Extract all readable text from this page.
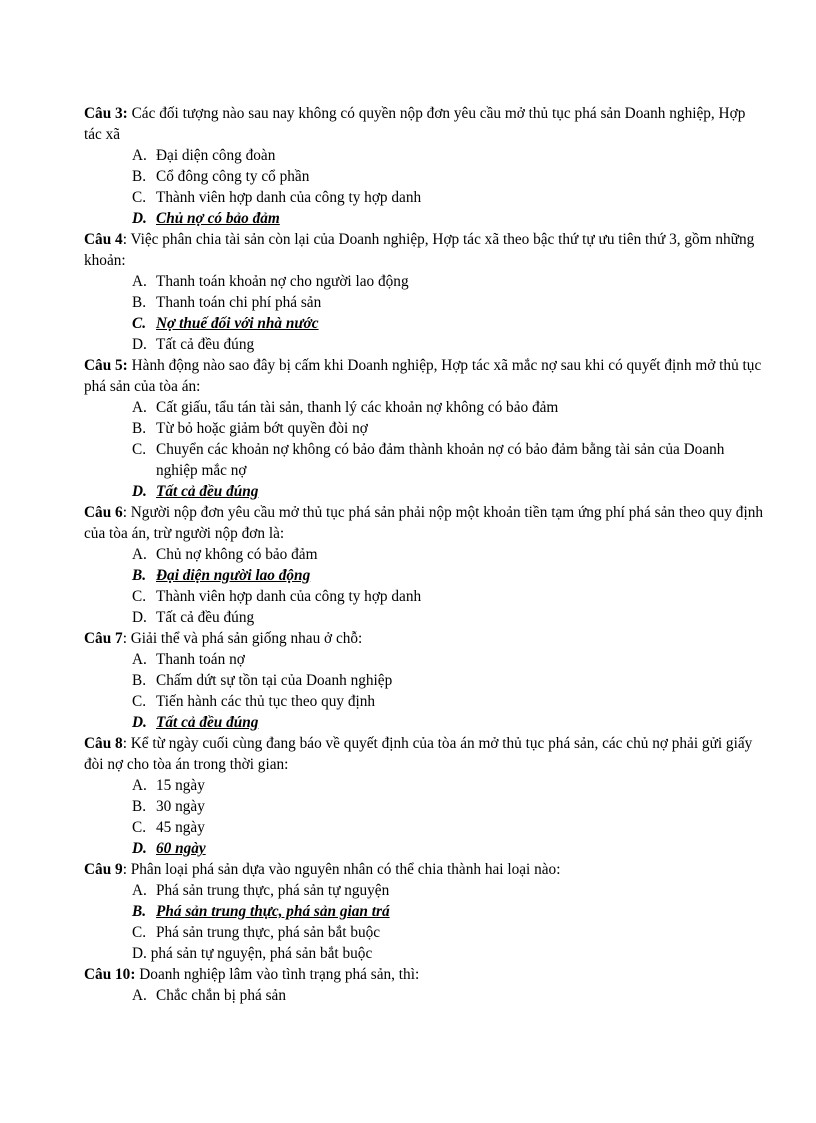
Câu 3: Các đối tượng nào sau nay không có quyền nộp đơn yêu cầu mở thủ tục phá sản Doanh nghiệp, Hợp tác xã
A. Đại diện công đoàn
B. Cổ đông công ty cổ phần
C. Thành viên hợp danh của công ty hợp danh
D. Chủ nợ có bảo đảm
Câu 4: Việc phân chia tài sản còn lại của Doanh nghiệp, Hợp tác xã theo bậc thứ tự ưu tiên thứ 3, gồm những khoản:
A. Thanh toán khoản nợ cho người lao động
B. Thanh toán chi phí phá sản
C. Nợ thuế đối với nhà nước
D. Tất cả đều đúng
Câu 5: Hành động nào sao đây bị cấm khi Doanh nghiệp, Hợp tác xã mắc nợ sau khi có quyết định mở thủ tục phá sản của tòa án:
A. Cất giấu, tẩu tán tài sản, thanh lý các khoản nợ không có bảo đảm
B. Từ bỏ hoặc giảm bớt quyền đòi nợ
C. Chuyển các khoản nợ không có bảo đảm thành khoản nợ có bảo đảm bằng tài sản của Doanh nghiệp mắc nợ
D. Tất cả đều đúng
Câu 6: Người nộp đơn yêu cầu mở thủ tục phá sản phải nộp một khoản tiền tạm ứng phí phá sản theo quy định của tòa án, trừ người nộp đơn là:
A. Chủ nợ không có bảo đảm
B. Đại diện người lao động
C. Thành viên hợp danh của công ty hợp danh
D. Tất cả đều đúng
Câu 7: Giải thể và phá sản giống nhau ở chỗ:
A. Thanh toán nợ
B. Chấm dứt sự tồn tại của Doanh nghiệp
C. Tiến hành các thủ tục theo quy định
D. Tất cả đều đúng
Câu 8: Kể từ ngày cuối cùng đang báo về quyết định của tòa án mở thủ tục phá sản, các chủ nợ phải gửi giấy đòi nợ cho tòa án trong thời gian:
A. 15 ngày
B. 30 ngày
C. 45 ngày
D. 60 ngày
Câu 9: Phân loại phá sản dựa vào nguyên nhân có thể chia thành hai loại nào:
A. Phá sản trung thực, phá sản tự nguyện
B. Phá sản trung thực, phá sản gian trá
C. Phá sản trung thực, phá sản bắt buộc
D. phá sản tự nguyện, phá sản bắt buộc
Câu 10: Doanh nghiệp lâm vào tình trạng phá sản, thì:
A. Chắc chắn bị phá sản
